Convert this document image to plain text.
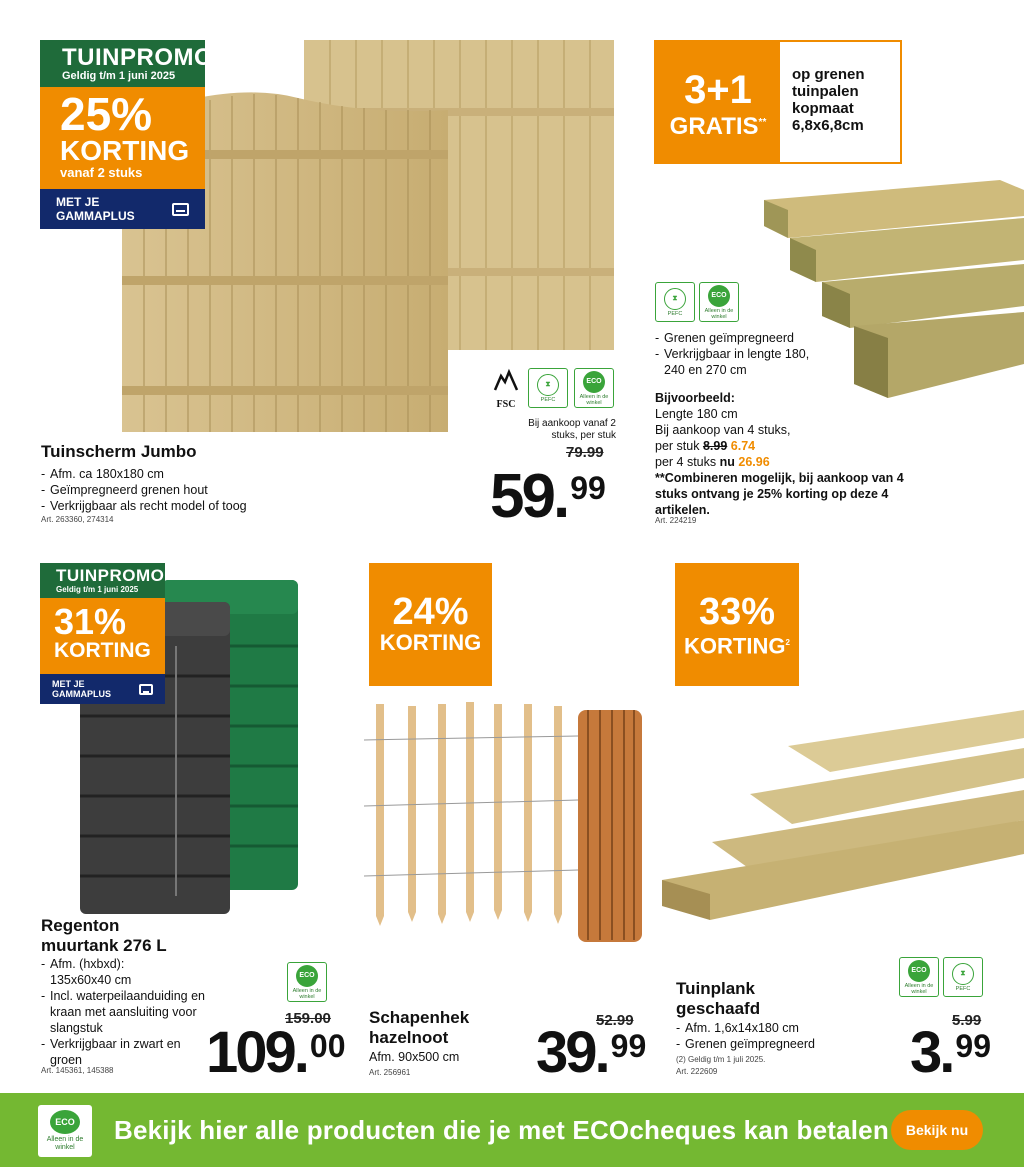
TUINPROMO
Geldig t/m 1 juni 2025
25%
KORTING
vanaf 2 stuks
MET JE GAMMAPLUS
FSC
⧗
PEFC
ECO
Alleen in de winkel
Bij aankoop vanaf 2 stuks, per stuk
79.99
59.99
Tuinscherm Jumbo
- Afm. ca 180x180 cm
- Geïmpregneerd grenen hout
- Verkrijgbaar als recht model of toog
Art. 263360, 274314
3+1
GRATIS**
op grenen tuinpalen kopmaat 6,8x6,8cm
⧗
PEFC
ECO
Alleen in de winkel
- Grenen geïmpregneerd
- Verkrijgbaar in lengte 180, 240 en 270 cm
Bijvoorbeeld:
Lengte 180 cm
Bij aankoop van 4 stuks,
per stuk 8.99 6.74
per 4 stuks nu 26.96
**Combineren mogelijk, bij aankoop van 4 stuks ontvang je 25% korting op deze 4 artikelen.
Art. 224219
TUINPROMO
Geldig t/m 1 juni 2025
31%
KORTING
MET JE GAMMAPLUS
Regenton
muurtank 276 L
- Afm. (hxbxd): 135x60x40 cm
- Incl. waterpeilaanduiding en kraan met aansluiting voor slangstuk
- Verkrijgbaar in zwart en groen
Art. 145361, 145388
ECO
Alleen in de winkel
159.00
109.00
24%
KORTING
Schapenhek
hazelnoot
Afm. 90x500 cm
Art. 256961
52.99
39.99
33%
KORTING$^2$
ECO
Alleen in de winkel
⧗
PEFC
Tuinplank
geschaafd
- Afm. 1,6x14x180 cm
- Grenen geïmpregneerd
(2) Geldig t/m 1 juli 2025.
Art. 222609
5.99
3.99
ECO
Alleen in de winkel
Bekijk hier alle producten die je met ECOcheques kan betalen	Bekijk nu
